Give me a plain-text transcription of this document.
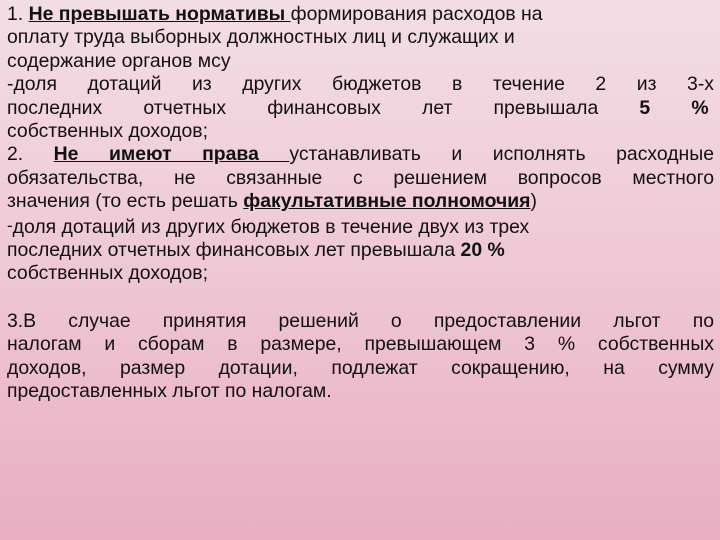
1. Не превышать нормативы формирования расходов на
оплату труда выборных должностных лиц и служащих и
содержание органов мсу
-доля дотаций из других бюджетов в течение 2 из 3-х
последних отчетных финансовых лет превышала 5 %
собственных доходов;
2. Не имеют права устанавливать и исполнять расходные
обязательства, не связанные с решением вопросов местного
значения (то есть решать факультативные полномочия)
-доля дотаций из других бюджетов в течение двух из трех
последних отчетных финансовых лет превышала 20 %
собственных доходов;
3.В случае принятия решений о предоставлении льгот по
налогам и сборам в размере, превышающем 3 % собственных
доходов, размер дотации, подлежат сокращению, на сумму
предоставленных льгот по налогам.
